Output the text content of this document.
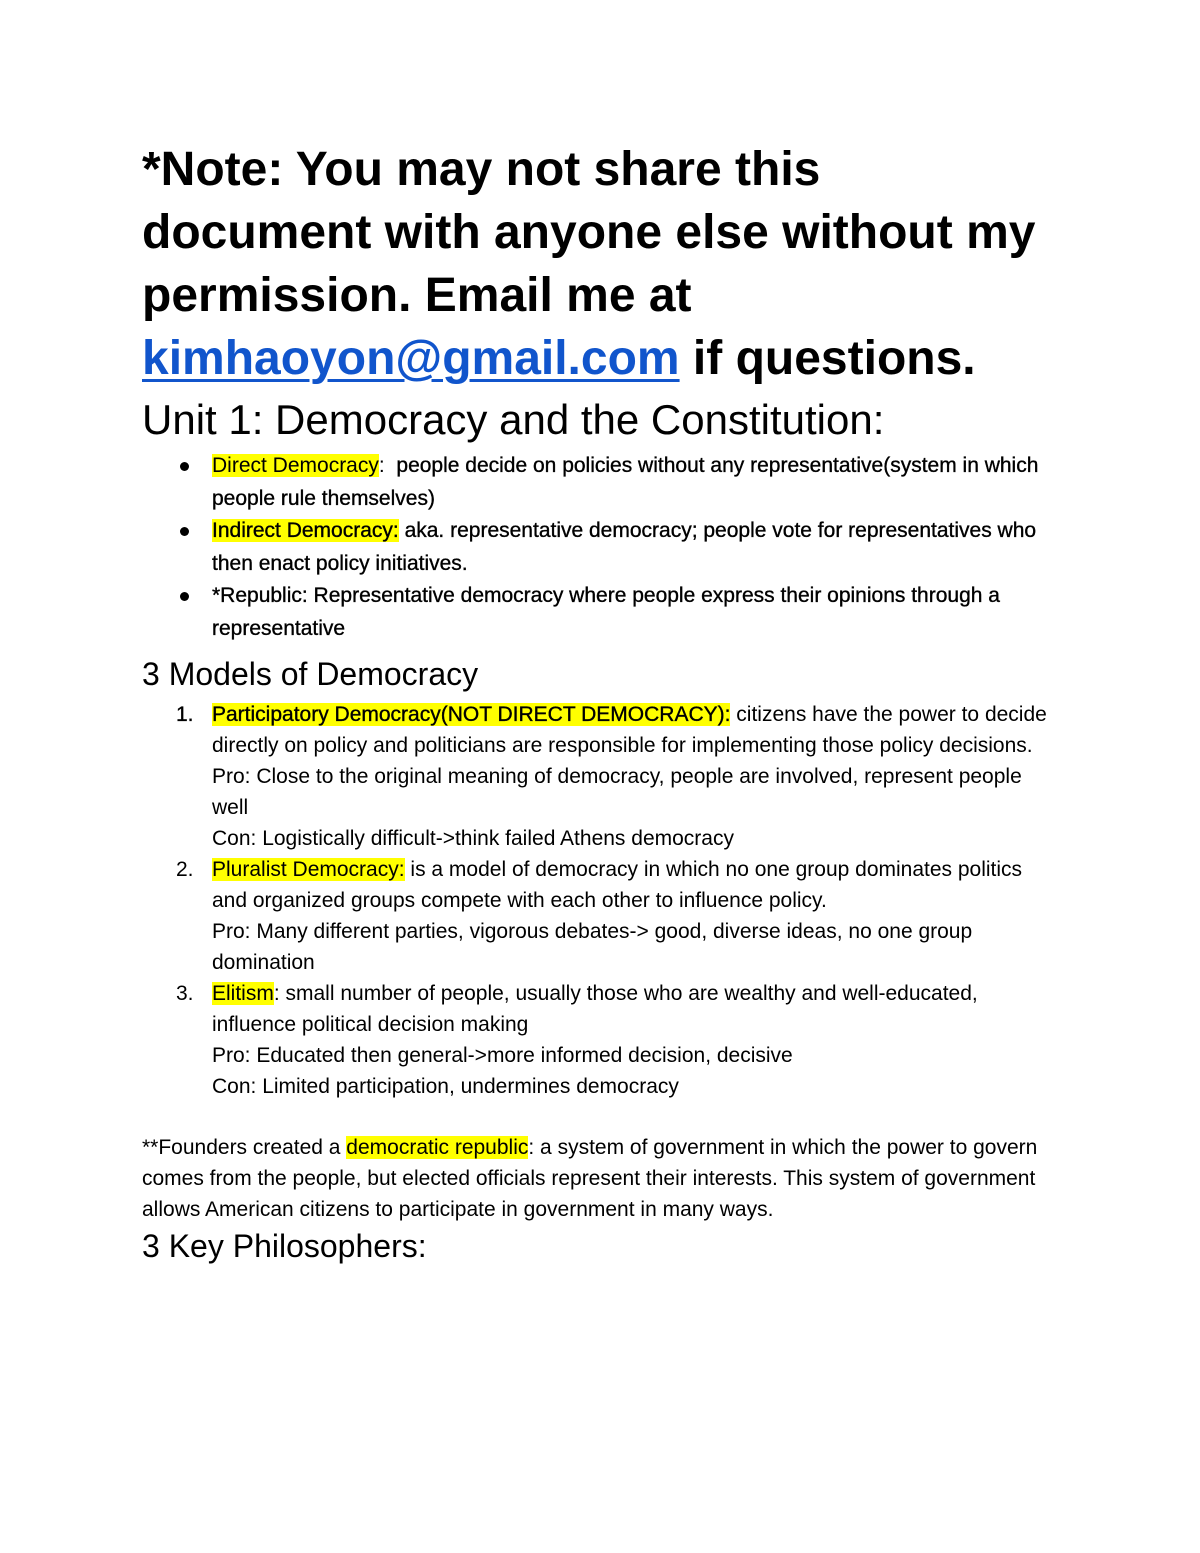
*Note: You may not share this document with anyone else without my permission. Email me at kimhaoyon@gmail.com if questions.

Unit 1: Democracy and the Constitution:
Direct Democracy:  people decide on policies without any representative(system in which people rule themselves)
Indirect Democracy: aka. representative democracy; people vote for representatives who then enact policy initiatives.
*Republic: Representative democracy where people express their opinions through a representative
3 Models of Democracy
1. Participatory Democracy(NOT DIRECT DEMOCRACY): citizens have the power to decide directly on policy and politicians are responsible for implementing those policy decisions.
Pro: Close to the original meaning of democracy, people are involved, represent people well
Con: Logistically difficult->think failed Athens democracy
2. Pluralist Democracy: is a model of democracy in which no one group dominates politics and organized groups compete with each other to influence policy.
Pro: Many different parties, vigorous debates-> good, diverse ideas, no one group domination
3. Elitism: small number of people, usually those who are wealthy and well-educated, influence political decision making
Pro: Educated then general->more informed decision, decisive
Con: Limited participation, undermines democracy

**Founders created a democratic republic: a system of government in which the power to govern comes from the people, but elected officials represent their interests. This system of government allows American citizens to participate in government in many ways.

3 Key Philosophers:
